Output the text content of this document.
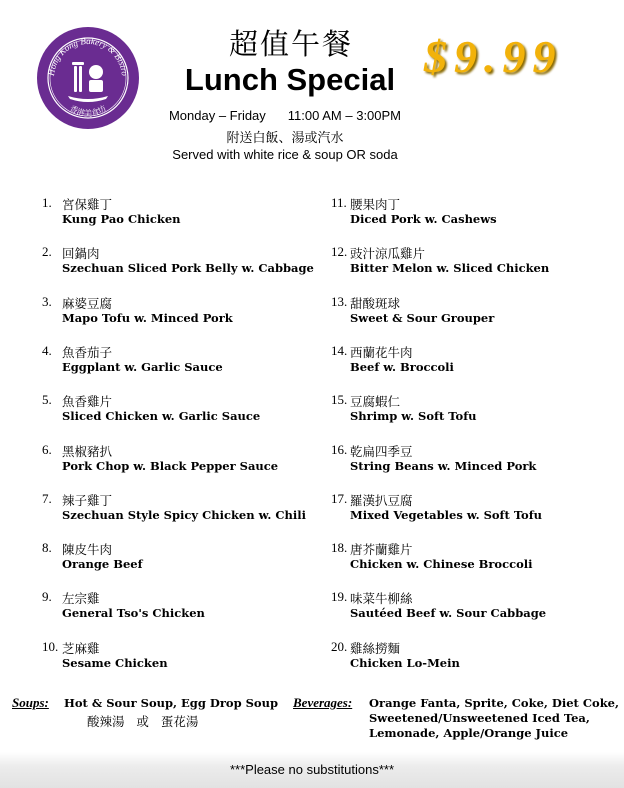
Hong Kong Bakery & Bistro
香港美食坊
超值午餐
Lunch Special $9.99
Monday – Friday 11:00 AM – 3:00PM
附送白飯、湯或汽水
Served with white rice & soup OR soda
1. 宮保雞丁
Kung Pao Chicken
2. 回鍋肉
Szechuan Sliced Pork Belly w. Cabbage
3. 麻婆豆腐
Mapo Tofu w. Minced Pork
4. 魚香茄子
Eggplant w. Garlic Sauce
5. 魚香雞片
Sliced Chicken w. Garlic Sauce
6. 黑椒豬扒
Pork Chop w. Black Pepper Sauce
7. 辣子雞丁
Szechuan Style Spicy Chicken w. Chili
8. 陳皮牛肉
Orange Beef
9. 左宗雞
General Tso's Chicken
10. 芝麻雞
Sesame Chicken
11. 腰果肉丁
Diced Pork w. Cashews
12. 豉汁涼瓜雞片
Bitter Melon w. Sliced Chicken
13. 甜酸斑球
Sweet & Sour Grouper
14. 西蘭花牛肉
Beef w. Broccoli
15. 豆腐蝦仁
Shrimp w. Soft Tofu
16. 乾扁四季豆
String Beans w. Minced Pork
17. 羅漢扒豆腐
Mixed Vegetables w. Soft Tofu
18. 唐芥蘭雞片
Chicken w. Chinese Broccoli
19. 味菜牛柳絲
Sautéed Beef w. Sour Cabbage
20. 雞絲撈麵
Chicken Lo-Mein
Soups: Hot & Sour Soup, Egg Drop Soup
酸辣湯   或   蛋花湯
Beverages: Orange Fanta, Sprite, Coke, Diet Coke,
Sweetened/Unsweetened Iced Tea,
Lemonade, Apple/Orange Juice
***Please no substitutions***
